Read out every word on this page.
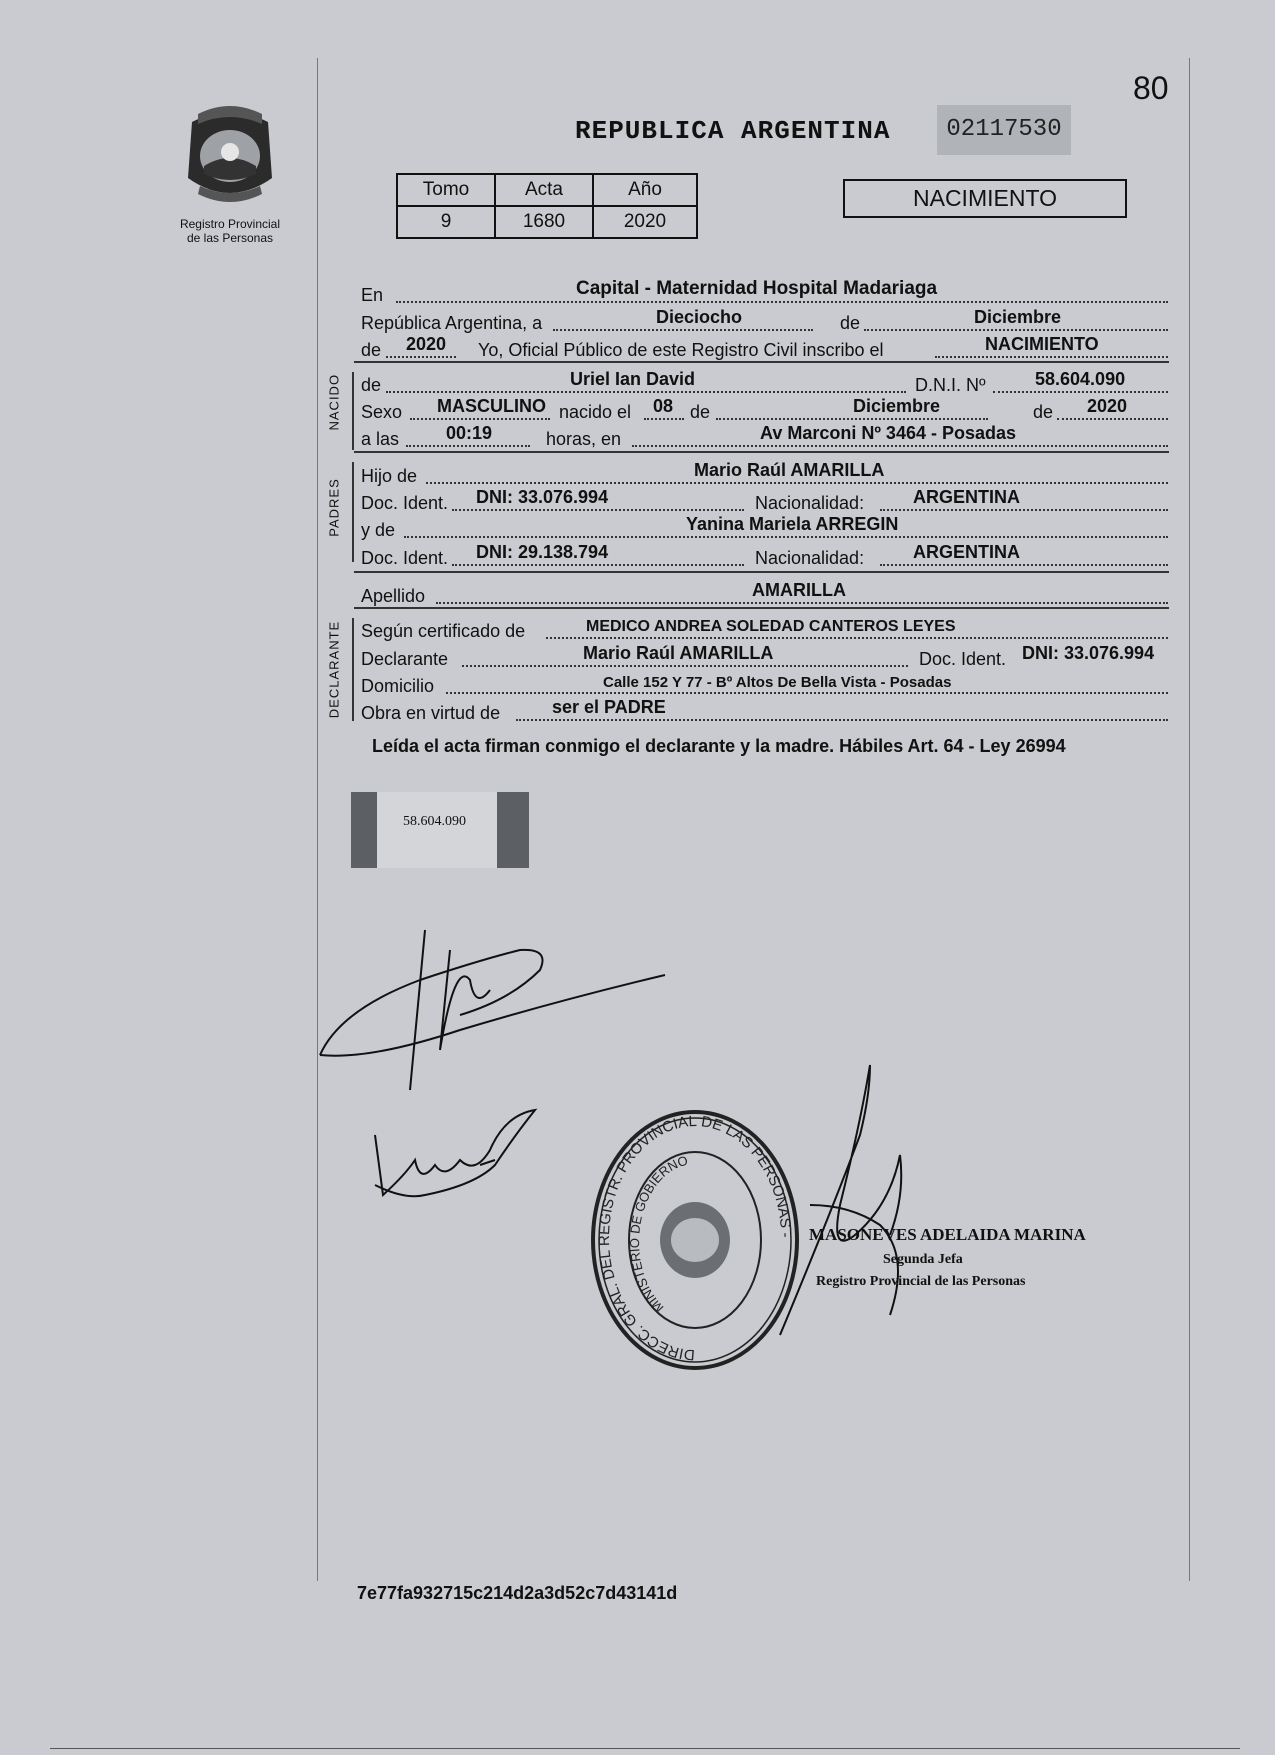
80
Registro Provincial
de las Personas
REPUBLICA ARGENTINA	02117530
Tomo	Acta	Año
9	1680	2020
NACIMIENTO
En	Capital - Maternidad Hospital Madariaga
República Argentina, a	Dieciocho	de	Diciembre
de 2020 Yo, Oficial Público de este Registro Civil inscribo el	NACIMIENTO
NACIDO de	Uriel Ian David	D.N.I. Nº	58.604.090
Sexo MASCULINO nacido el 08 de	Diciembre	de 2020
a las	00:19	horas, en	Av Marconi Nº 3464 - Posadas
PADRES
Hijo de	Mario Raúl AMARILLA
Doc. Ident. DNI: 33.076.994	Nacionalidad:	ARGENTINA
y de	Yanina Mariela ARREGIN
Doc. Ident. DNI: 29.138.794	Nacionalidad:	ARGENTINA
Apellido	AMARILLA
DECLARANTE Según certificado de	MEDICO ANDREA SOLEDAD CANTEROS LEYES
Declarante	Mario Raúl AMARILLA	Doc. Ident. DNI: 33.076.994
Domicilio	Calle 152 Y 77 - Bº Altos De Bella Vista - Posadas
Obra en virtud de	ser el PADRE
Leída el acta firman conmigo el declarante y la madre. Hábiles Art. 64 - Ley 26994
58.604.090
DIRECC. GRAL. DEL REGISTR. PROVINCIAL DE LAS PERSONAS -
MINISTERIO DE GOBIERNO
MASONEVES ADELAIDA MARINA
Segunda Jefa
Registro Provincial de las Personas
7e77fa932715c214d2a3d52c7d43141d
